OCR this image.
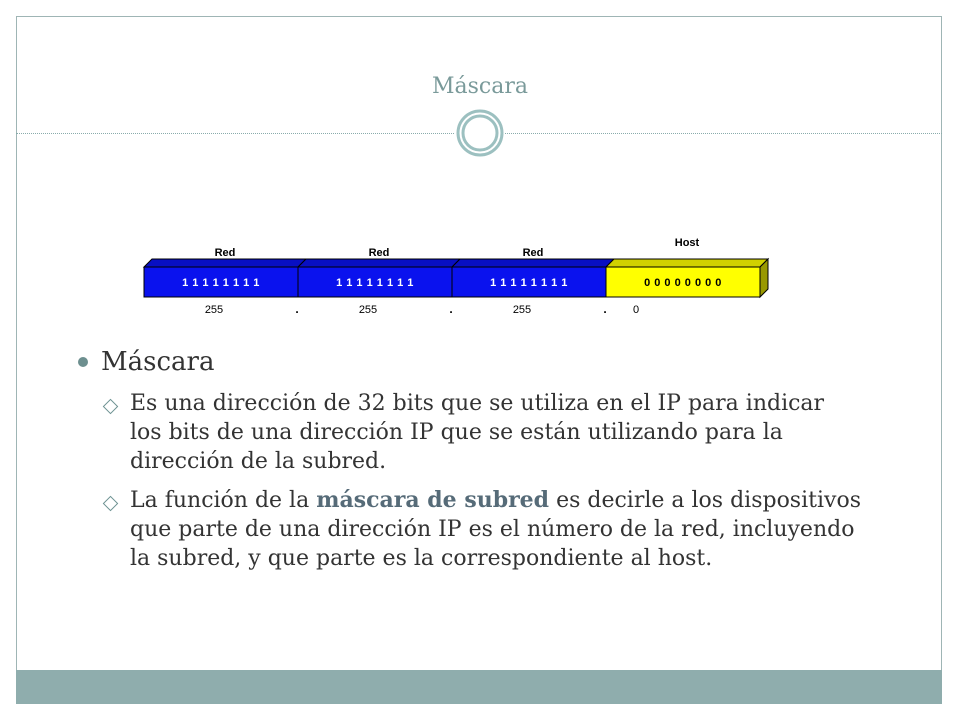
Máscara
Red
1 1 1 1 1 1 1 1
255	.
Red
1 1 1 1 1 1 1 1
255	.
Red
1 1 1 1 1 1 1 1
255	.
Host
0 0 0 0 0 0 0 0
0
Máscara
Es una dirección de 32 bits que se utiliza en el IP para indicar los bits de una dirección IP que se están utilizando para la dirección de la subred.
La función de la máscara de subred es decirle a los dispositivos que parte de una dirección IP es el número de la red, incluyendo la subred, y que parte es la correspondiente al host.
